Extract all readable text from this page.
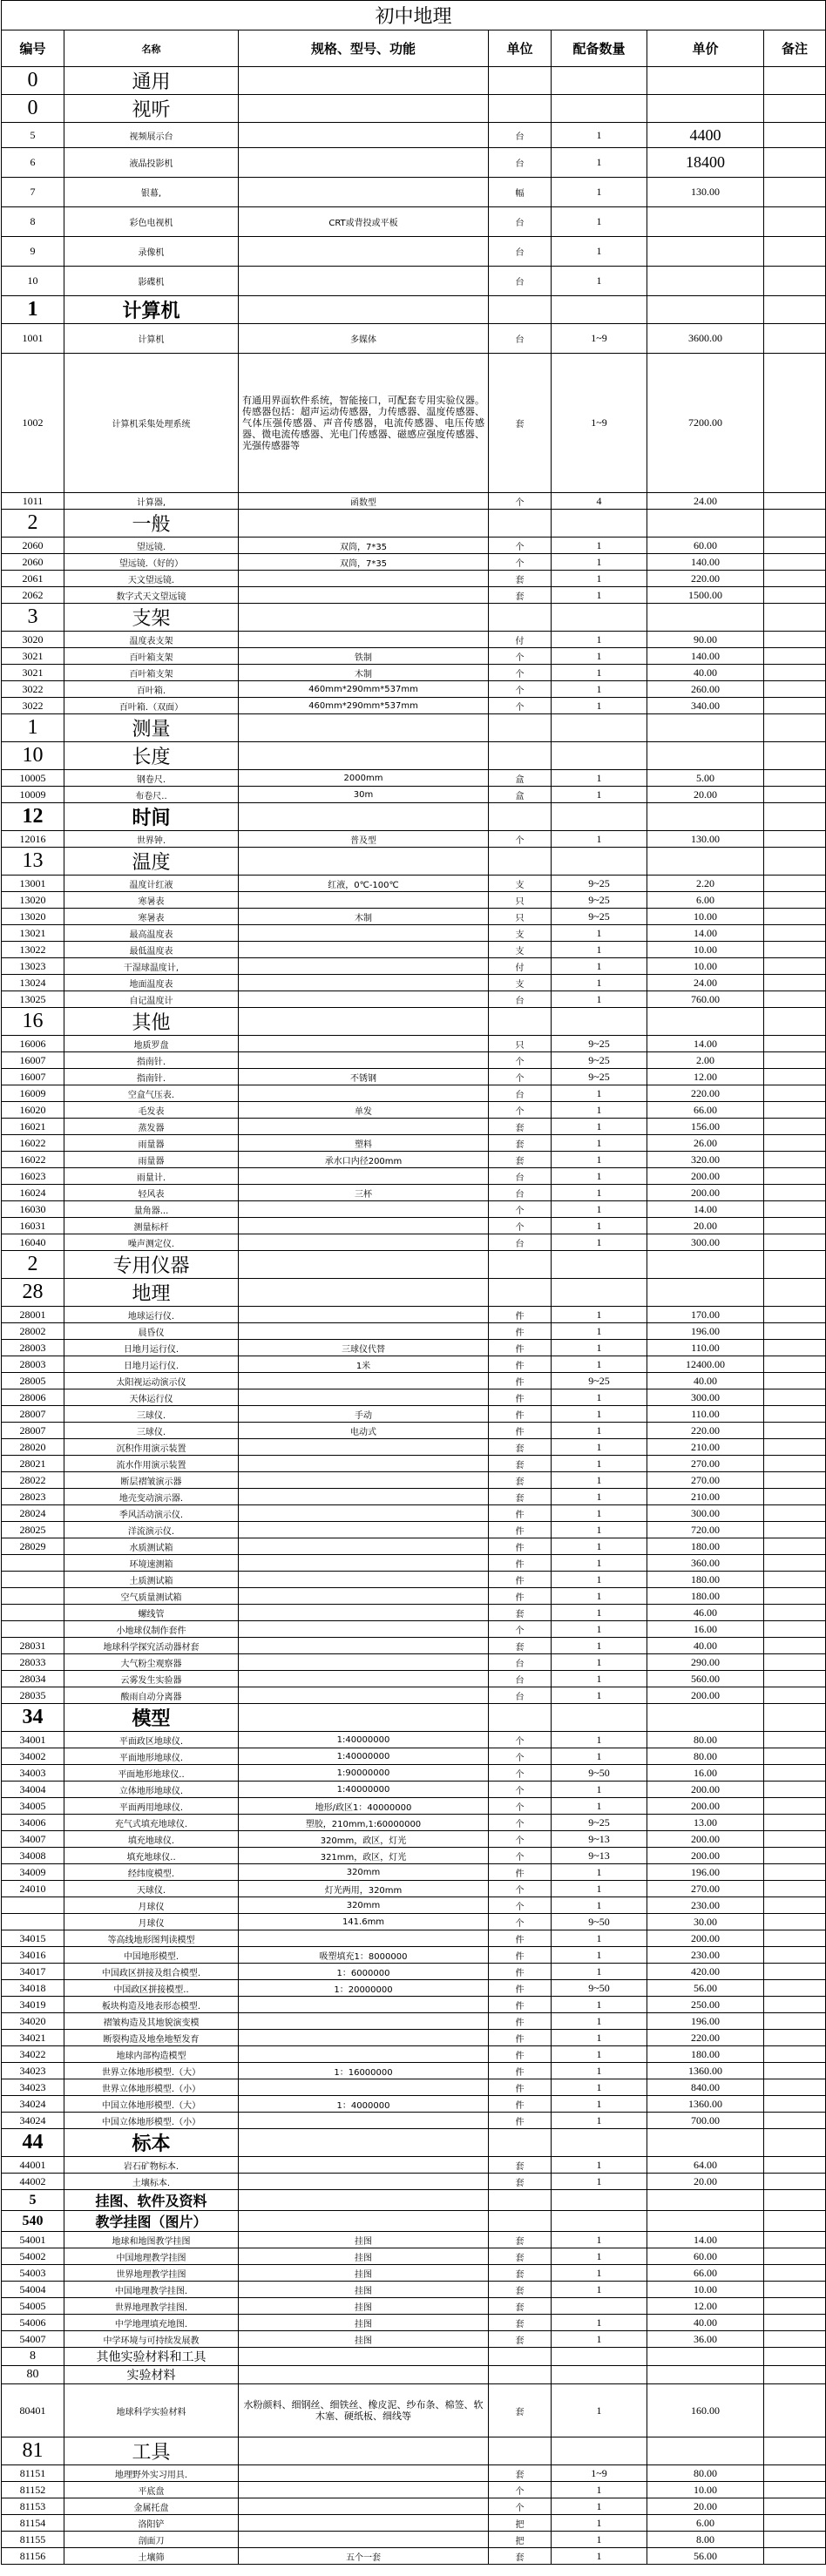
初中地理						
编号	名称	规格、型号、功能	单位	配备数量	单价	备注
0	通用					
0	视听					
5	视频展示台		台	1	4400	
6	液晶投影机		台	1	18400	
7	银幕,		幅	1	130.00	
8	彩色电视机	CRT或背投或平板	台	1		
9	录像机		台	1		
10	影碟机		台	1		
1	计算机					
1001	计算机	多媒体	台	1~9	3600.00	
1002	计算机采集处理系统	有通用界面软件系统，智能接口，可配套专用实验仪器。传感器包括：超声运动传感器，力传感器、温度传感器、气体压强传感器、声音传感器，电流传感器、电压传感器、微电流传感器、光电门传感器、磁感应强度传感器、光强传感器等	套	1~9	7200.00	
1011	计算器,	函数型	个	4	24.00	
2	一般					
2060	望远镜.	双筒，7*35	个	1	60.00	
2060	望远镜.（好的）	双筒，7*35	个	1	140.00	
2061	天文望远镜.		套	1	220.00	
2062	数字式天文望远镜		套	1	1500.00	
3	支架					
3020	温度表支架		付	1	90.00	
3021	百叶箱支架	铁制	个	1	140.00	
3021	百叶箱支架	木制	个	1	40.00	
3022	百叶箱.	460mm*290mm*537mm	个	1	260.00	
3022	百叶箱.（双面）	460mm*290mm*537mm	个	1	340.00	
1	测量					
10	长度					
10005	钢卷尺.	2000mm	盒	1	5.00	
10009	布卷尺..	30m	盒	1	20.00	
12	时间					
12016	世界钟.	普及型	个	1	130.00	
13	温度					
13001	温度计红液	红液，0℃-100℃	支	9~25	2.20	
13020	寒暑表		只	9~25	6.00	
13020	寒暑表	木制	只	9~25	10.00	
13021	最高温度表		支	1	14.00	
13022	最低温度表		支	1	10.00	
13023	干湿球温度计,		付	1	10.00	
13024	地面温度表		支	1	24.00	
13025	自记温度计		台	1	760.00	
16	其他					
16006	地质罗盘		只	9~25	14.00	
16007	指南针.		个	9~25	2.00	
16007	指南针.	不锈钢	个	9~25	12.00	
16009	空盒气压表.		台	1	220.00	
16020	毛发表	单发	个	1	66.00	
16021	蒸发器		套	1	156.00	
16022	雨量器	塑料	套	1	26.00	
16022	雨量器	承水口内径200mm	套	1	320.00	
16023	雨量计.		台	1	200.00	
16024	轻风表	三杯	台	1	200.00	
16030	量角器...		个	1	14.00	
16031	测量标杆		个	1	20.00	
16040	噪声测定仪.		台	1	300.00	
2	专用仪器					
28	地理					
28001	地球运行仪.		件	1	170.00	
28002	晨昏仪		件	1	196.00	
28003	日地月运行仪.	三球仪代替	件	1	110.00	
28003	日地月运行仪.	1米	件	1	12400.00	
28005	太阳视运动演示仪		件	9~25	40.00	
28006	天体运行仪		件	1	300.00	
28007	三球仪.	手动	件	1	110.00	
28007	三球仪.	电动式	件	1	220.00	
28020	沉积作用演示装置		套	1	210.00	
28021	流水作用演示装置		套	1	270.00	
28022	断层褶皱演示器		套	1	270.00	
28023	地壳变动演示器.		套	1	210.00	
28024	季风活动演示仪.		件	1	300.00	
28025	洋流演示仪.		件	1	720.00	
28029	水质测试箱		件	1	180.00	
	环境速测箱		件	1	360.00	
	土质测试箱		件	1	180.00	
	空气质量测试箱		件	1	180.00	
	螺线管		套	1	46.00	
	小地球仪制作套件		个	1	16.00	
28031	地球科学探究活动器材套		套	1	40.00	
28033	大气粉尘观察器		台	1	290.00	
28034	云雾发生实验器		台	1	560.00	
28035	酸雨自动分离器		台	1	200.00	
34	模型					
34001	平面政区地球仪.	1:40000000	个	1	80.00	
34002	平面地形地球仪.	1:40000000	个	1	80.00	
34003	平面地形地球仪..	1:90000000	个	9~50	16.00	
34004	立体地形地球仪.	1:40000000	个	1	200.00	
34005	平面两用地球仪.	地形/政区1：40000000	个	1	200.00	
34006	充气式填充地球仪.	塑胶，210mm,1:60000000	个	9~25	13.00	
34007	填充地球仪.	320mm，政区，灯光	个	9~13	200.00	
34008	填充地球仪..	321mm，政区，灯光	个	9~13	200.00	
34009	经纬度模型.	320mm	件	1	196.00	
24010	天球仪.	灯光两用，320mm	个	1	270.00	
	月球仪	320mm	个	1	230.00	
	月球仪	141.6mm	个	9~50	30.00	
34015	等高线地形图判读模型		件	1	200.00	
34016	中国地形模型.	吸塑填充1：8000000	件	1	230.00	
34017	中国政区拼接及组合模型.	1：6000000	件	1	420.00	
34018	中国政区拼接模型..	1：20000000	件	9~50	56.00	
34019	板块构造及地表形态模型.		件	1	250.00	
34020	褶皱构造及其地貌演变模		件	1	196.00	
34021	断裂构造及地垒地堑发育		件	1	220.00	
34022	地球内部构造模型		件	1	180.00	
34023	世界立体地形模型.（大）	1：16000000	件	1	1360.00	
34023	世界立体地形模型.（小）		件	1	840.00	
34024	中国立体地形模型.（大）	1：4000000	件	1	1360.00	
34024	中国立体地形模型.（小）		件	1	700.00	
44	标本					
44001	岩石矿物标本.		套	1	64.00	
44002	土壤标本.		套	1	20.00	
5	挂图、软件及资料					
540	教学挂图（图片）					
54001	地球和地图教学挂图	挂图	套	1	14.00	
54002	中国地理教学挂图	挂图	套	1	60.00	
54003	世界地理教学挂图	挂图	套	1	66.00	
54004	中国地理教学挂图.	挂图	套	1	10.00	
54005	世界地理教学挂图.	挂图	套		12.00	
54006	中学地理填充地图.	挂图	套	1	40.00	
54007	中学环境与可持续发展教	挂图	套	1	36.00	
8	其他实验材料和工具					
80	实验材料					
80401	地球科学实验材料	水粉颜料、细钢丝、细铁丝、橡皮泥、纱布条、棉签、软木塞、硬纸板、细线等	套	1	160.00	
81	工具					
81151	地理野外实习用具.		套	1~9	80.00	
81152	平底盘		个	1	10.00	
81153	金属托盘		个	1	20.00	
81154	洛阳铲		把	1	6.00	
81155	剖面刀		把	1	8.00	
81156	土壤筛	五个一套	套	1	56.00	
